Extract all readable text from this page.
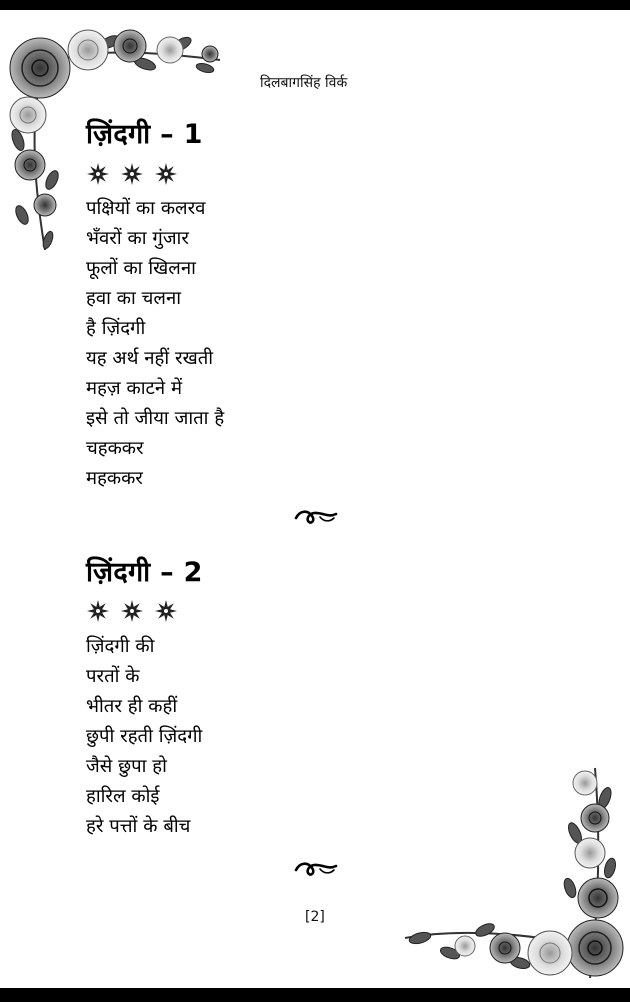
दिलबागसिंह विर्क
ज़िंदगी – 1
पक्षियों का कलरव
भँवरों का गुंजार
फूलों का खिलना
हवा का चलना
है ज़िंदगी
यह अर्थ नहीं रखती
महज़ काटने में
इसे तो जीया जाता है
चहककर
महककर
ज़िंदगी – 2
ज़िंदगी की
परतों के
भीतर ही कहीं
छुपी रहती ज़िंदगी
जैसे छुपा हो
हारिल कोई
हरे पत्तों के बीच
[2]
